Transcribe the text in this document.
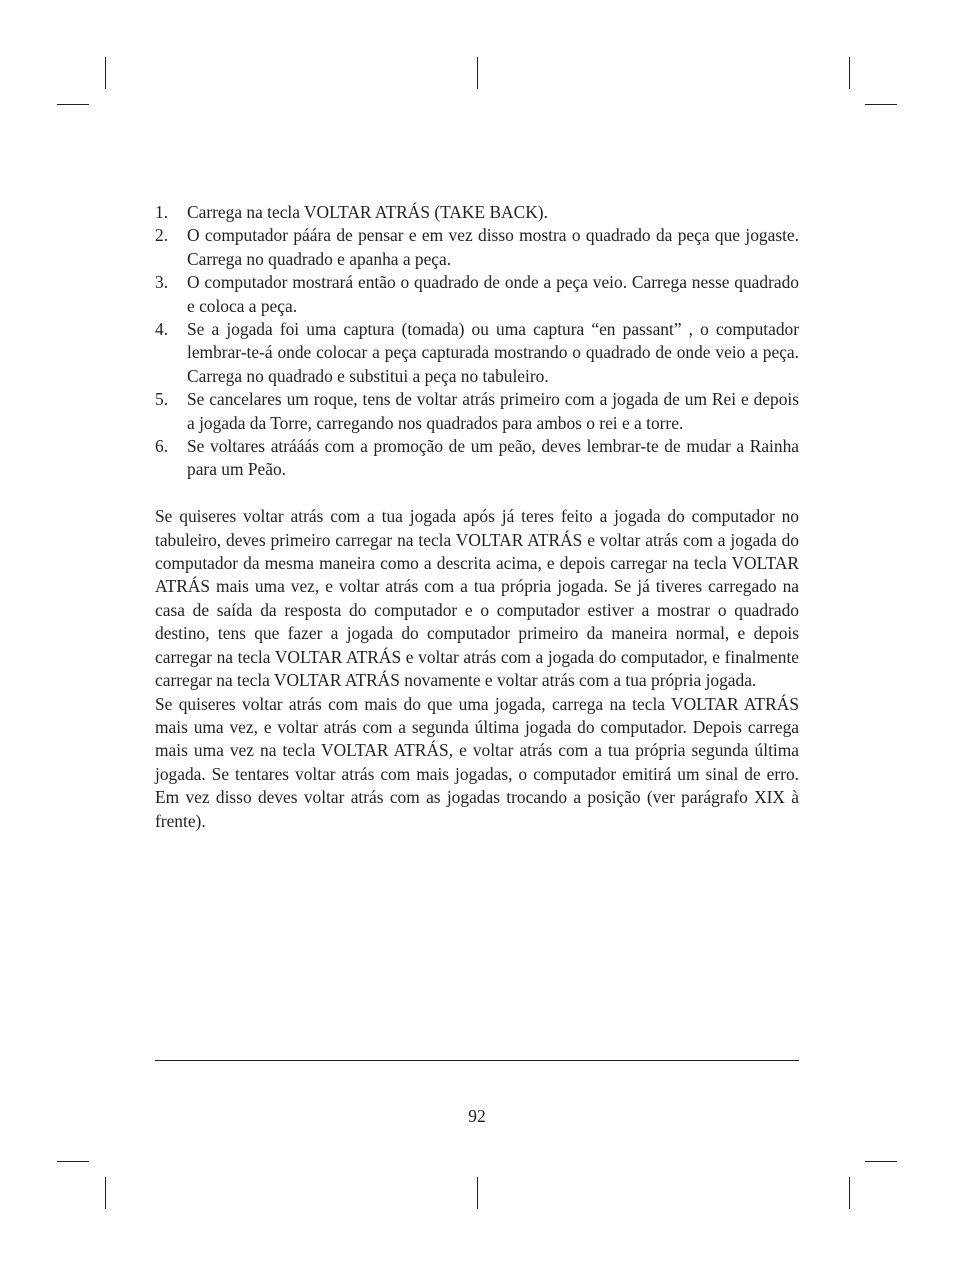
1. Carrega na tecla VOLTAR ATRÁS (TAKE BACK).
2. O computador páára de pensar e em vez disso mostra o quadrado da peça que jogaste. Carrega no quadrado e apanha a peça.
3. O computador mostrará então o quadrado de onde a peça veio. Carrega nesse quadrado e coloca a peça.
4. Se a jogada foi uma captura (tomada) ou uma captura “en passant” , o computador lembrar-te-á onde colocar a peça capturada mostrando o quadrado de onde veio a peça. Carrega no quadrado e substitui a peça no tabuleiro.
5. Se cancelares um roque, tens de voltar atrás primeiro com a jogada de um Rei e depois a jogada da Torre, carregando nos quadrados para ambos o rei e a torre.
6. Se voltares atrááás com a promoção de um peão, deves lembrar-te de mudar a Rainha para um Peão.

Se quiseres voltar atrás com a tua jogada após já teres feito a jogada do computador no tabuleiro, deves primeiro carregar na tecla VOLTAR ATRÁS e voltar atrás com a jogada do computador da mesma maneira como a descrita acima, e depois carregar na tecla VOLTAR ATRÁS mais uma vez, e voltar atrás com a tua própria jogada. Se já tiveres carregado na casa de saída da resposta do computador e o computador estiver a mostrar o quadrado destino, tens que fazer a jogada do computador primeiro da maneira normal, e depois carregar na tecla VOLTAR ATRÁS e voltar atrás com a jogada do computador, e finalmente carregar na tecla VOLTAR ATRÁS novamente e voltar atrás com a tua própria jogada.

Se quiseres voltar atrás com mais do que uma jogada, carrega na tecla VOLTAR ATRÁS mais uma vez, e voltar atrás com a segunda última jogada do computador. Depois carrega mais uma vez na tecla VOLTAR ATRÁS, e voltar atrás com a tua própria segunda última jogada. Se tentares voltar atrás com mais jogadas, o computador emitirá um sinal de erro. Em vez disso deves voltar atrás com as jogadas trocando a posição (ver parágrafo XIX à frente).

92
